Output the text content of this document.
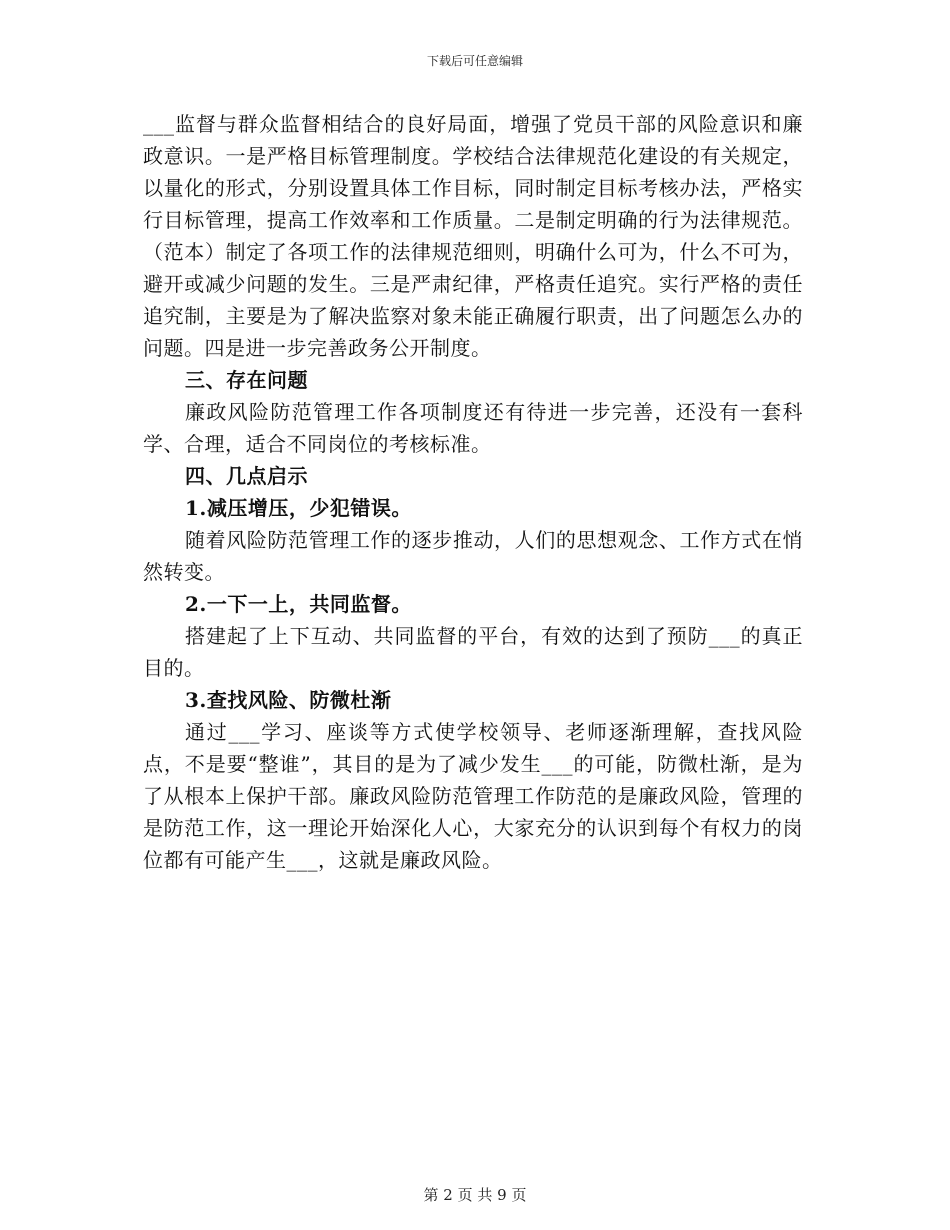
下载后可任意编辑

___监督与群众监督相结合的良好局面，增强了党员干部的风险意识和廉政意识。一是严格目标管理制度。学校结合法律规范化建设的有关规定，以量化的形式，分别设置具体工作目标，同时制定目标考核办法，严格实行目标管理，提高工作效率和工作质量。二是制定明确的行为法律规范。（范本）制定了各项工作的法律规范细则，明确什么可为，什么不可为，避开或减少问题的发生。三是严肃纪律，严格责任追究。实行严格的责任追究制，主要是为了解决监察对象未能正确履行职责，出了问题怎么办的问题。四是进一步完善政务公开制度。

三、存在问题

廉政风险防范管理工作各项制度还有待进一步完善，还没有一套科学、合理，适合不同岗位的考核标准。

四、几点启示

1.减压增压，少犯错误。

随着风险防范管理工作的逐步推动，人们的思想观念、工作方式在悄然转变。

2.一下一上，共同监督。

搭建起了上下互动、共同监督的平台，有效的达到了预防___的真正目的。

3.查找风险、防微杜渐

通过___学习、座谈等方式使学校领导、老师逐渐理解，查找风险点，不是要“整谁”，其目的是为了减少发生___的可能，防微杜渐，是为了从根本上保护干部。廉政风险防范管理工作防范的是廉政风险，管理的是防范工作，这一理论开始深化人心，大家充分的认识到每个有权力的岗位都有可能产生___，这就是廉政风险。

第 2 页 共 9 页
